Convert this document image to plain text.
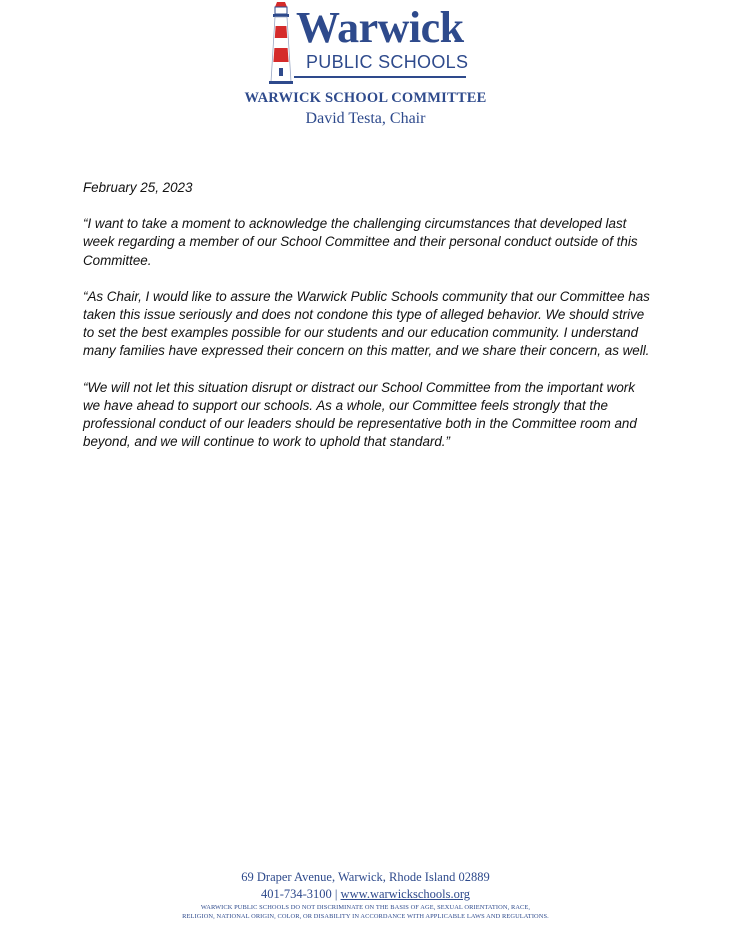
Warwick
PUBLIC SCHOOLS
WARWICK SCHOOL COMMITTEE
David Testa, Chair

February 25, 2023

“I want to take a moment to acknowledge the challenging circumstances that developed last week regarding a member of our School Committee and their personal conduct outside of this Committee.

“As Chair, I would like to assure the Warwick Public Schools community that our Committee has taken this issue seriously and does not condone this type of alleged behavior. We should strive to set the best examples possible for our students and our education community. I understand many families have expressed their concern on this matter, and we share their concern, as well.

“We will not let this situation disrupt or distract our School Committee from the important work we have ahead to support our schools. As a whole, our Committee feels strongly that the professional conduct of our leaders should be representative both in the Committee room and beyond, and we will continue to work to uphold that standard.”

69 Draper Avenue, Warwick, Rhode Island 02889
401-734-3100 | www.warwickschools.org
WARWICK PUBLIC SCHOOLS DO NOT DISCRIMINATE ON THE BASIS OF AGE, SEXUAL ORIENTATION, RACE,
RELIGION, NATIONAL ORIGIN, COLOR, OR DISABILITY IN ACCORDANCE WITH APPLICABLE LAWS AND REGULATIONS.
